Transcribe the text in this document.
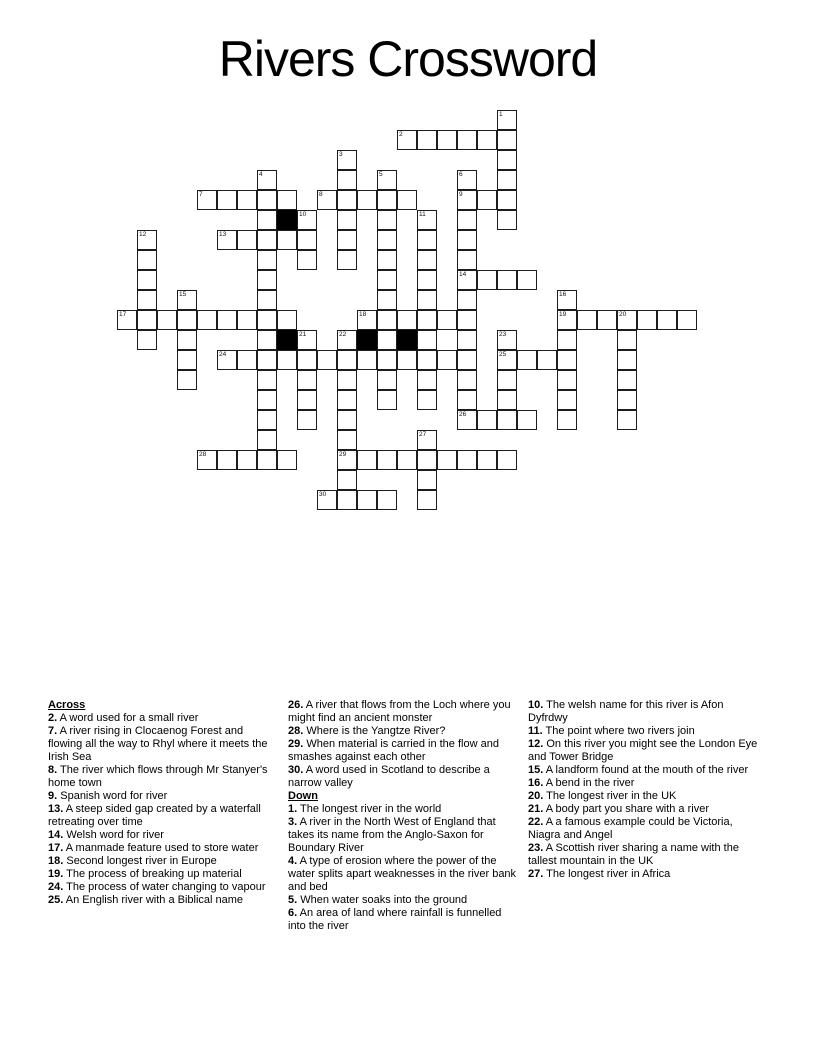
Rivers Crossword
1
2
3
4	5	6
9
14
26
7	8
10	11
12	13
15	16
19
17	18	20
21	22
29
23
25
24
27
28
30

Across

2. A word used for a small river

7. A river rising in Clocaenog Forest and flowing all the way to Rhyl where it meets the Irish Sea

8. The river which flows through Mr Stanyer's home town

9. Spanish word for river

13. A steep sided gap created by a waterfall retreating over time

14. Welsh word for river

17. A manmade feature used to store water

18. Second longest river in Europe

19. The process of breaking up material

24. The process of water changing to vapour

25. An English river with a Biblical name

26. A river that flows from the Loch where you might find an ancient monster

28. Where is the Yangtze River?

29. When material is carried in the flow and smashes against each other

30. A word used in Scotland to describe a narrow valley

Down

1. The longest river in the world

3. A river in the North West of England that takes its name from the Anglo-Saxon for Boundary River

4. A type of erosion where the power of the water splits apart weaknesses in the river bank and bed

5. When water soaks into the ground

6. An area of land where rainfall is funnelled into the river

10. The welsh name for this river is Afon Dyfrdwy

11. The point where two rivers join

12. On this river you might see the London Eye and Tower Bridge

15. A landform found at the mouth of the river

16. A bend in the river

20. The longest river in the UK

21. A body part you share with a river

22. A a famous example could be Victoria, Niagra and Angel

23. A Scottish river sharing a name with the tallest mountain in the UK

27. The longest river in Africa
